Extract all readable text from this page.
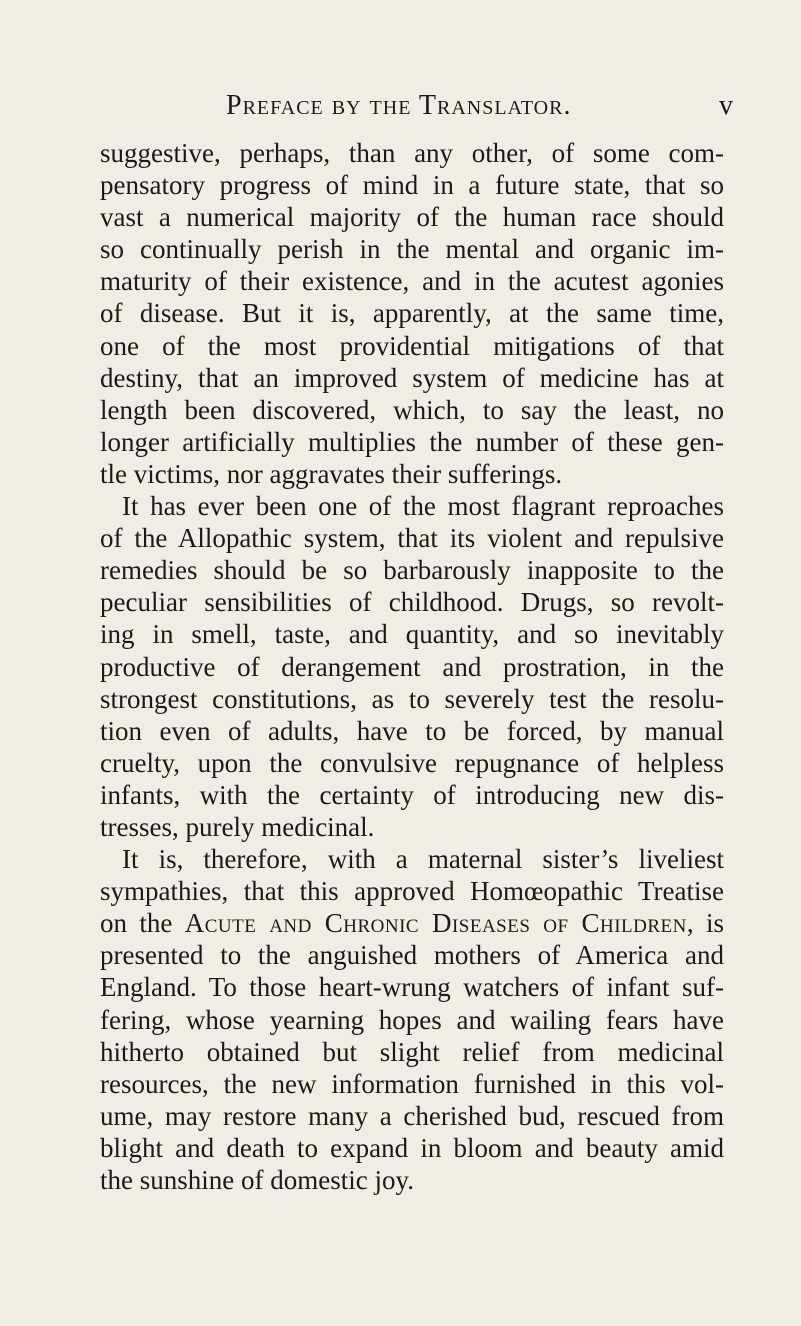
Preface by the Translator.	v
suggestive, perhaps, than any other, of some com-
pensatory progress of mind in a future state, that so
vast a numerical majority of the human race should
so continually perish in the mental and organic im-
maturity of their existence, and in the acutest agonies
of disease. But it is, apparently, at the same time,
one of the most providential mitigations of that
destiny, that an improved system of medicine has at
length been discovered, which, to say the least, no
longer artificially multiplies the number of these gen-
tle victims, nor aggravates their sufferings.
It has ever been one of the most flagrant reproaches
of the Allopathic system, that its violent and repulsive
remedies should be so barbarously inapposite to the
peculiar sensibilities of childhood. Drugs, so revolt-
ing in smell, taste, and quantity, and so inevitably
productive of derangement and prostration, in the
strongest constitutions, as to severely test the resolu-
tion even of adults, have to be forced, by manual
cruelty, upon the convulsive repugnance of helpless
infants, with the certainty of introducing new dis-
tresses, purely medicinal.
It is, therefore, with a maternal sister’s liveliest
sympathies, that this approved Homœopathic Treatise
on the Acute and Chronic Diseases of Children, is
presented to the anguished mothers of America and
England. To those heart-wrung watchers of infant suf-
fering, whose yearning hopes and wailing fears have
hitherto obtained but slight relief from medicinal
resources, the new information furnished in this vol-
ume, may restore many a cherished bud, rescued from
blight and death to expand in bloom and beauty amid
the sunshine of domestic joy.
